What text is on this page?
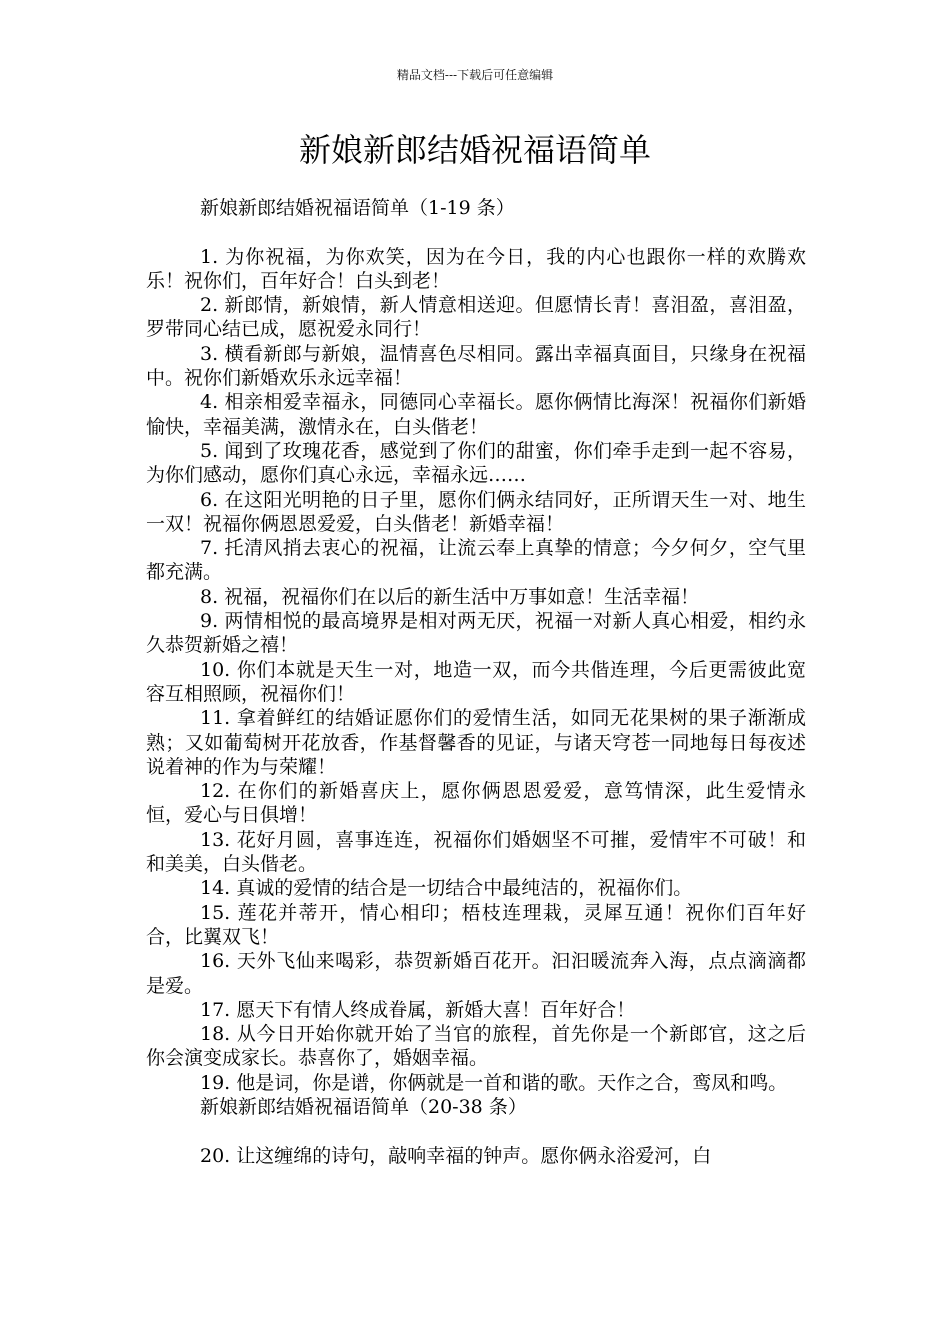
精品文档---下载后可任意编辑
新娘新郎结婚祝福语简单

新娘新郎结婚祝福语简单（1-19 条）

1. 为你祝福，为你欢笑，因为在今日，我的内心也跟你一样的欢腾欢乐！祝你们，百年好合！白头到老！

2. 新郎情，新娘情，新人情意相送迎。但愿情长青！喜泪盈，喜泪盈，罗带同心结已成，愿祝爱永同行！

3. 横看新郎与新娘，温情喜色尽相同。露出幸福真面目，只缘身在祝福中。祝你们新婚欢乐永远幸福！

4. 相亲相爱幸福永，同德同心幸福长。愿你俩情比海深！祝福你们新婚愉快，幸福美满，激情永在，白头偕老！

5. 闻到了玫瑰花香，感觉到了你们的甜蜜，你们牵手走到一起不容易，为你们感动，愿你们真心永远，幸福永远……

6. 在这阳光明艳的日子里，愿你们俩永结同好，正所谓天生一对、地生一双！祝福你俩恩恩爱爱，白头偕老！新婚幸福！

7. 托清风捎去衷心的祝福，让流云奉上真挚的情意；今夕何夕，空气里都充满。

8. 祝福，祝福你们在以后的新生活中万事如意！生活幸福！

9. 两情相悦的最高境界是相对两无厌，祝福一对新人真心相爱，相约永久恭贺新婚之禧！

10. 你们本就是天生一对，地造一双，而今共偕连理，今后更需彼此宽容互相照顾，祝福你们！

11. 拿着鲜红的结婚证愿你们的爱情生活，如同无花果树的果子渐渐成熟；又如葡萄树开花放香，作基督馨香的见证，与诸天穹苍一同地每日每夜述说着神的作为与荣耀！

12. 在你们的新婚喜庆上，愿你俩恩恩爱爱，意笃情深，此生爱情永恒，爱心与日俱增！

13. 花好月圆，喜事连连，祝福你们婚姻坚不可摧，爱情牢不可破！和和美美，白头偕老。

14. 真诚的爱情的结合是一切结合中最纯洁的，祝福你们。

15. 莲花并蒂开，情心相印；梧枝连理栽，灵犀互通！祝你们百年好合，比翼双飞！

16. 天外飞仙来喝彩，恭贺新婚百花开。汩汩暖流奔入海，点点滴滴都是爱。

17. 愿天下有情人终成眷属，新婚大喜！百年好合！

18. 从今日开始你就开始了当官的旅程，首先你是一个新郎官，这之后你会演变成家长。恭喜你了，婚姻幸福。

19. 他是词，你是谱，你俩就是一首和谐的歌。天作之合，鸾凤和鸣。

新娘新郎结婚祝福语简单（20-38 条）

20. 让这缠绵的诗句，敲响幸福的钟声。愿你俩永浴爱河，白
